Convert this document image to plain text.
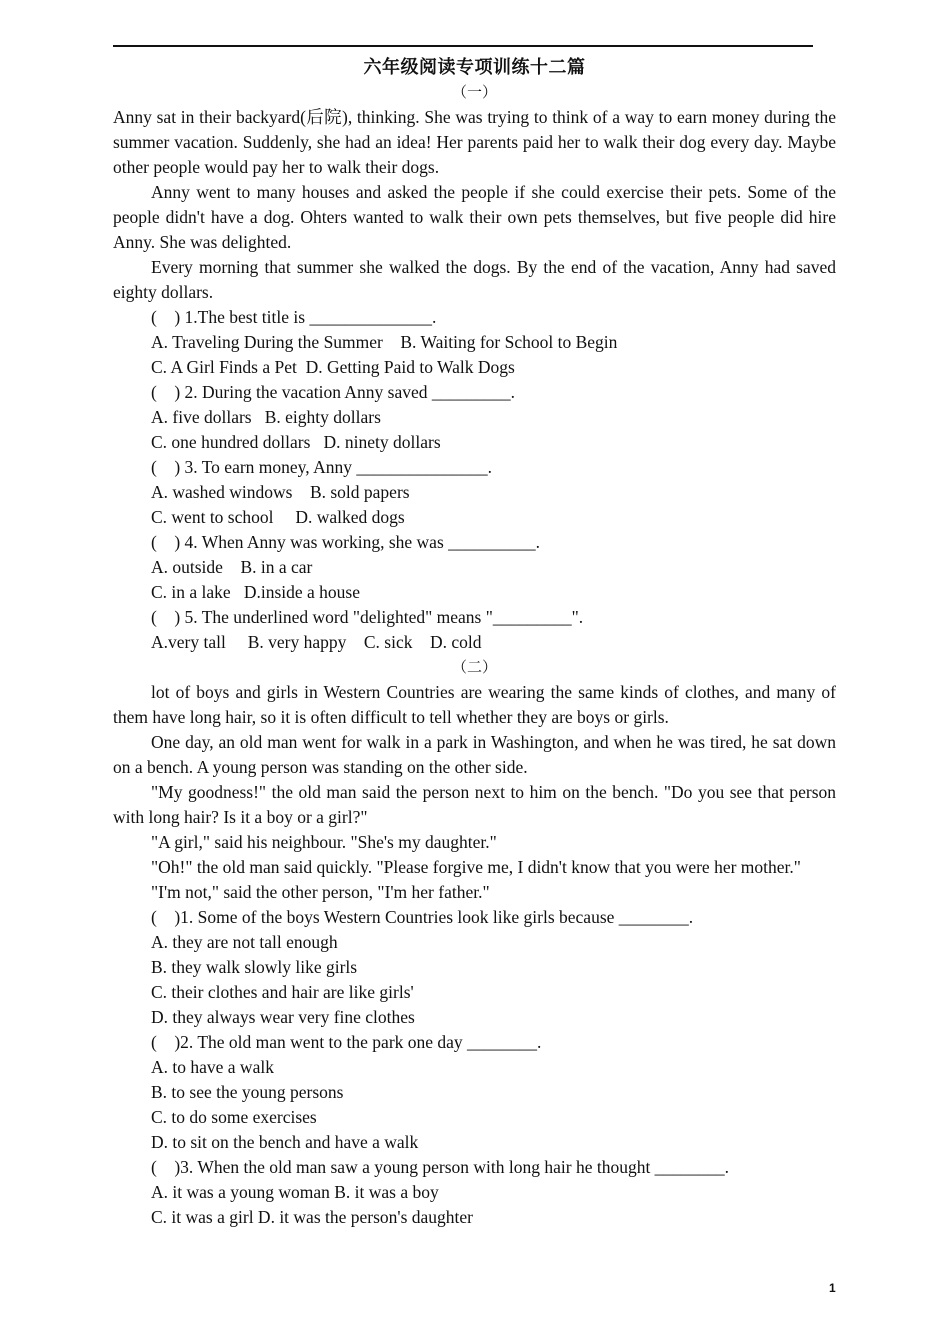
六年级阅读专项训练十二篇
（一）

Anny sat in their backyard(后院), thinking. She was trying to think of a way to earn money during the summer vacation. Suddenly, she had an idea! Her parents paid her to walk their dog every day. Maybe other people would pay her to walk their dogs.

Anny went to many houses and asked the people if she could exercise their pets. Some of the people didn't have a dog. Ohters wanted to walk their own pets themselves, but five people did hire Anny. She was delighted.

Every morning that summer she walked the dogs. By the end of the vacation, Anny had saved eighty dollars.

(    ) 1.The best title is ______________.
A. Traveling During the Summer    B. Waiting for School to Begin
C. A Girl Finds a Pet  D. Getting Paid to Walk Dogs
(    ) 2. During the vacation Anny saved _________.
A. five dollars   B. eighty dollars
C. one hundred dollars   D. ninety dollars
(    ) 3. To earn money, Anny _______________.
A. washed windows    B. sold papers
C. went to school     D. walked dogs
(    ) 4. When Anny was working, she was __________.
A. outside    B. in a car
C. in a lake   D.inside a house
(    ) 5. The underlined word "delighted" means "_________".
A.very tall     B. very happy    C. sick    D. cold
（二）

lot of boys and girls in Western Countries are wearing the same kinds of clothes, and many of them have long hair, so it is often difficult to tell whether they are boys or girls.

One day, an old man went for walk in a park in Washington, and when he was tired, he sat down on a bench. A young person was standing on the other side.

"My goodness!" the old man said the person next to him on the bench. "Do you see that person with long hair? Is it a boy or a girl?"

"A girl," said his neighbour. "She's my daughter."

"Oh!" the old man said quickly. "Please forgive me, I didn't know that you were her mother."

"I'm not," said the other person, "I'm her father."

(    )1. Some of the boys Western Countries look like girls because ________.
A. they are not tall enough
B. they walk slowly like girls
C. their clothes and hair are like girls'
D. they always wear very fine clothes
(    )2. The old man went to the park one day ________.
A. to have a walk
B. to see the young persons
C. to do some exercises
D. to sit on the bench and have a walk
(    )3. When the old man saw a young person with long hair he thought ________.
A. it was a young woman B. it was a boy
C. it was a girl D. it was the person's daughter
1
